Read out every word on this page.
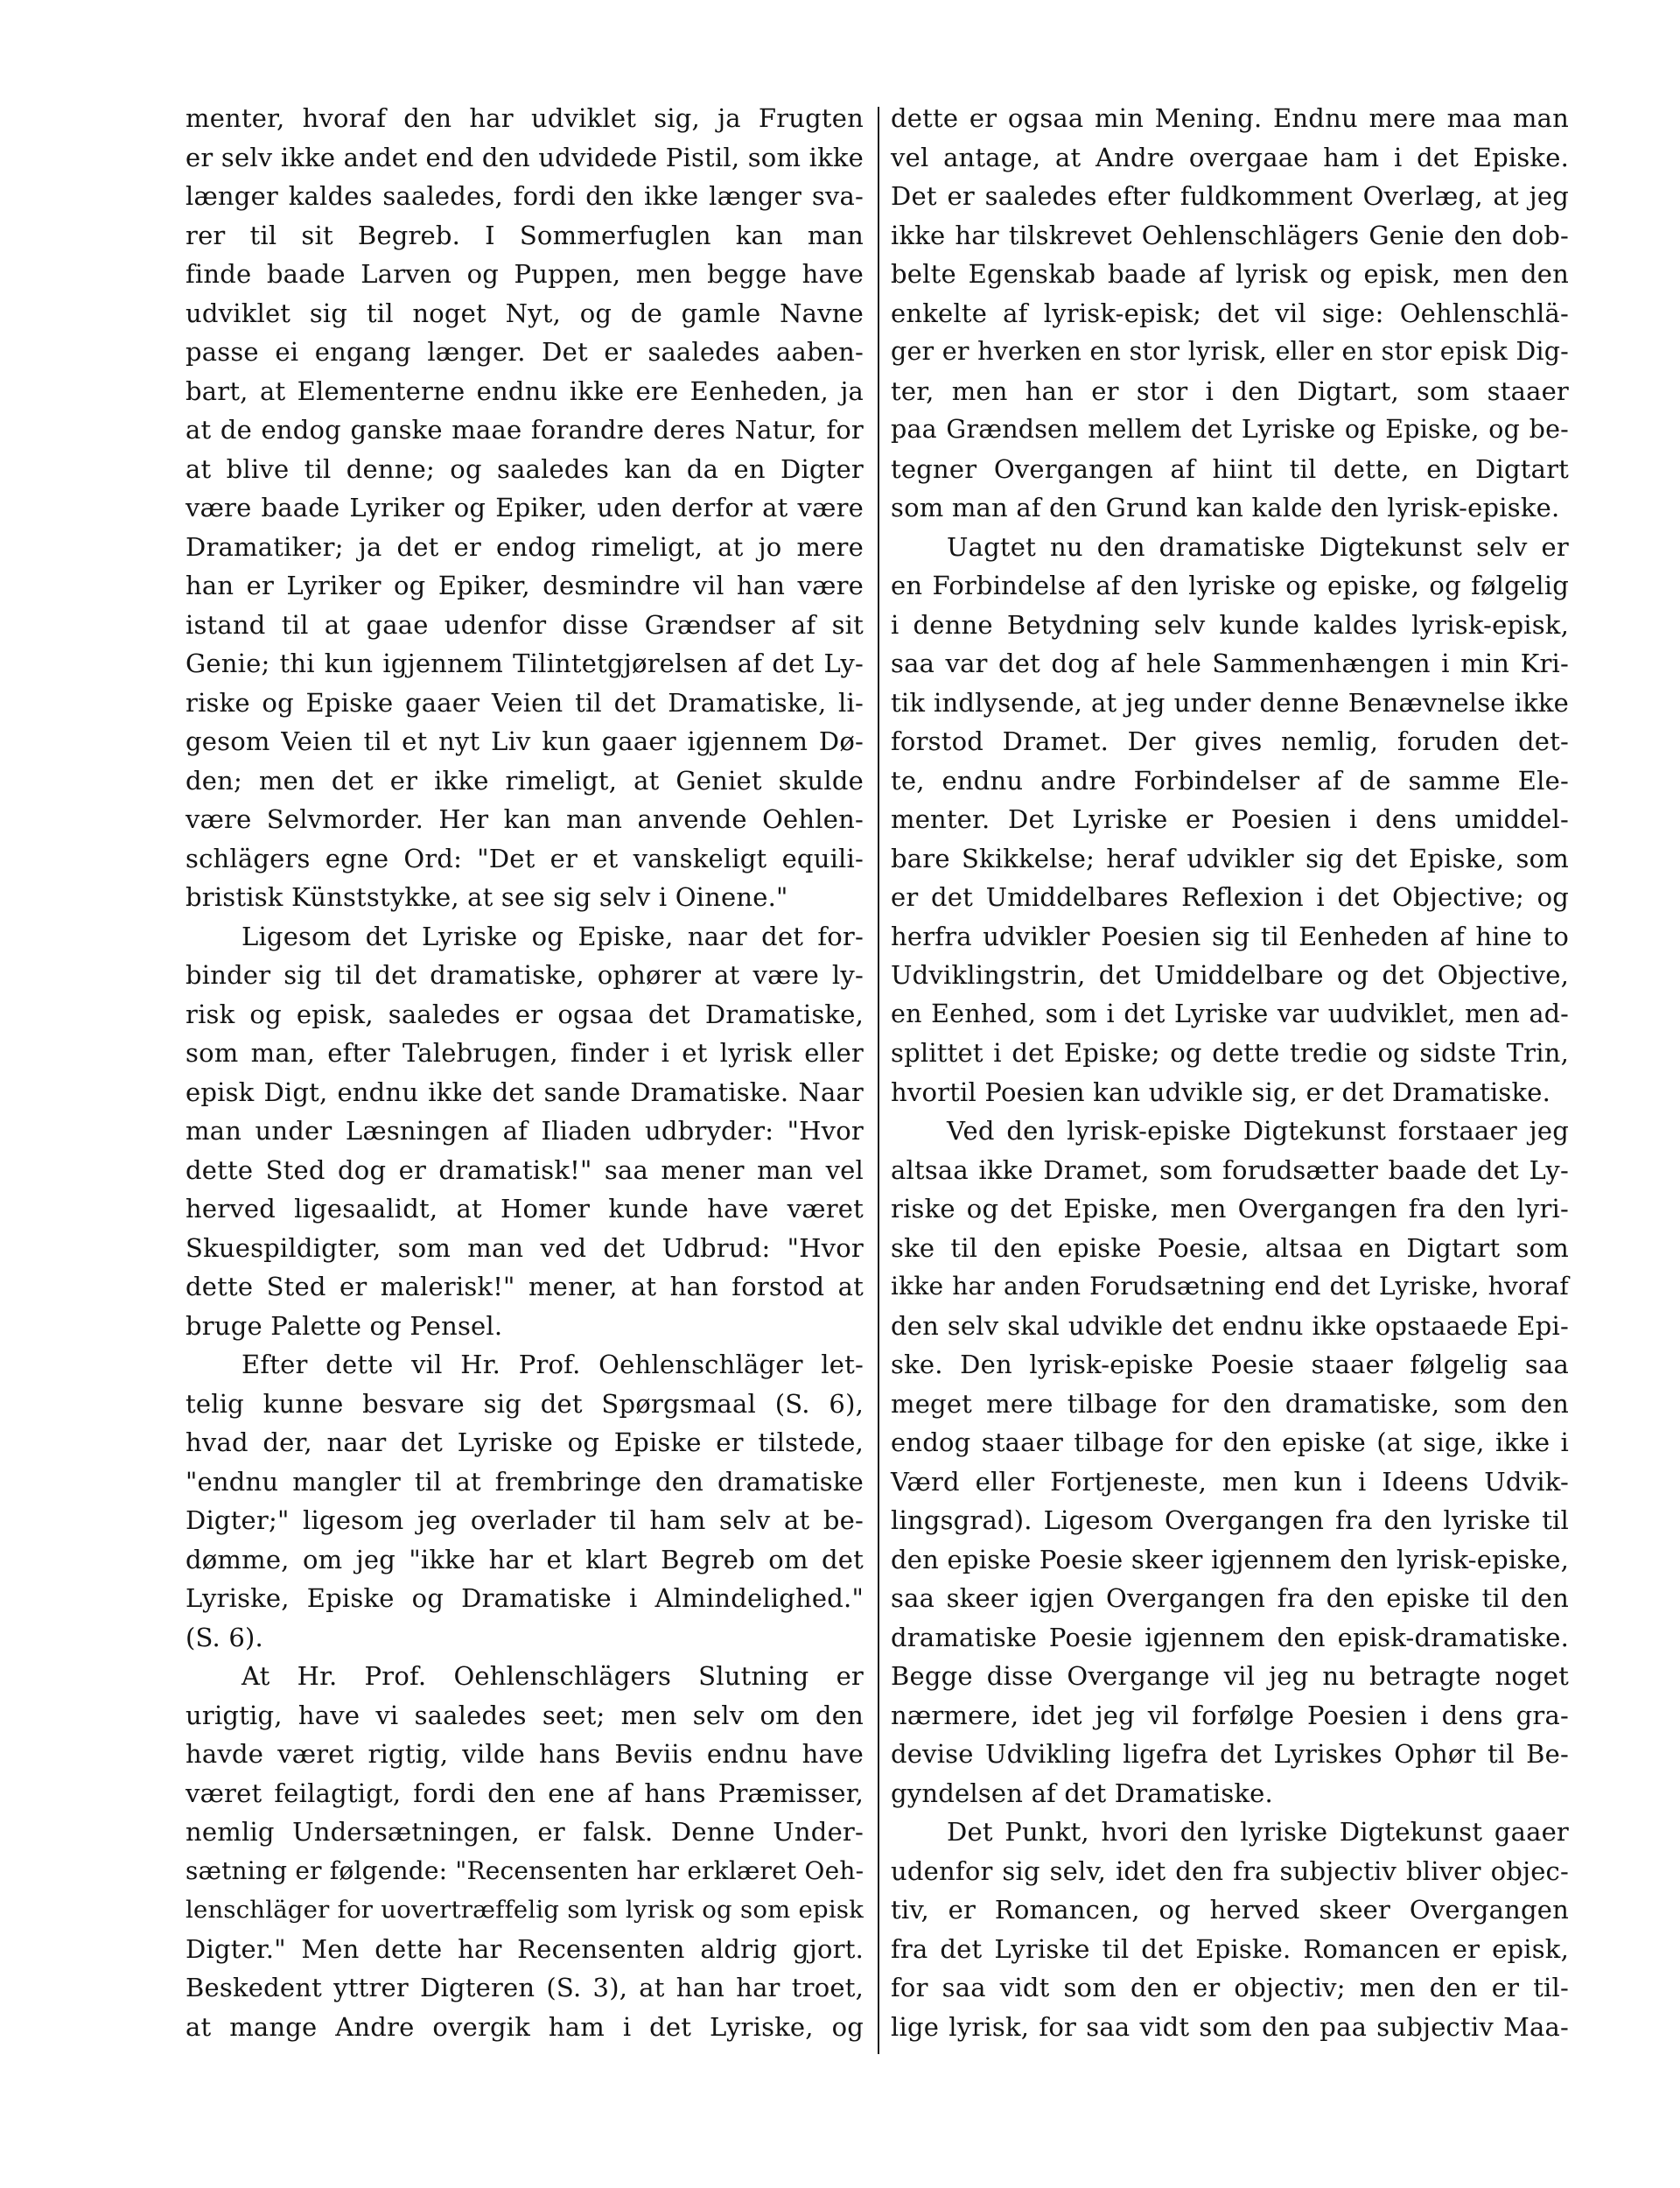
menter, hvoraf den har udviklet sig, ja Frugten
er selv ikke andet end den udvidede Pistil, som ikke
længer kaldes saaledes, fordi den ikke længer sva-
rer til sit Begreb. I Sommerfuglen kan man
finde baade Larven og Puppen, men begge have
udviklet sig til noget Nyt, og de gamle Navne
passe ei engang længer. Det er saaledes aaben-
bart, at Elementerne endnu ikke ere Eenheden, ja
at de endog ganske maae forandre deres Natur, for
at blive til denne; og saaledes kan da en Digter
være baade Lyriker og Epiker, uden derfor at være
Dramatiker; ja det er endog rimeligt, at jo mere
han er Lyriker og Epiker, desmindre vil han være
istand til at gaae udenfor disse Grændser af sit
Genie; thi kun igjennem Tilintetgjørelsen af det Ly-
riske og Episke gaaer Veien til det Dramatiske, li-
gesom Veien til et nyt Liv kun gaaer igjennem Dø-
den; men det er ikke rimeligt, at Geniet skulde
være Selvmorder. Her kan man anvende Oehlen-
schlägers egne Ord: "Det er et vanskeligt equili-
bristisk Künststykke, at see sig selv i Oinene."
Ligesom det Lyriske og Episke, naar det for-
binder sig til det dramatiske, ophører at være ly-
risk og episk, saaledes er ogsaa det Dramatiske,
som man, efter Talebrugen, finder i et lyrisk eller
episk Digt, endnu ikke det sande Dramatiske. Naar
man under Læsningen af Iliaden udbryder: "Hvor
dette Sted dog er dramatisk!" saa mener man vel
herved ligesaalidt, at Homer kunde have været
Skuespildigter, som man ved det Udbrud: "Hvor
dette Sted er malerisk!" mener, at han forstod at
bruge Palette og Pensel.
Efter dette vil Hr. Prof. Oehlenschläger let-
telig kunne besvare sig det Spørgsmaal (S. 6),
hvad der, naar det Lyriske og Episke er tilstede,
"endnu mangler til at frembringe den dramatiske
Digter;" ligesom jeg overlader til ham selv at be-
dømme, om jeg "ikke har et klart Begreb om det
Lyriske, Episke og Dramatiske i Almindelighed."
(S. 6).
At Hr. Prof. Oehlenschlägers Slutning er
urigtig, have vi saaledes seet; men selv om den
havde været rigtig, vilde hans Beviis endnu have
været feilagtigt, fordi den ene af hans Præmisser,
nemlig Undersætningen, er falsk. Denne Under-
sætning er følgende: "Recensenten har erklæret Oeh-
lenschläger for uovertræffelig som lyrisk og som episk
Digter." Men dette har Recensenten aldrig gjort.
Beskedent yttrer Digteren (S. 3), at han har troet,
at mange Andre overgik ham i det Lyriske, og
dette er ogsaa min Mening. Endnu mere maa man
vel antage, at Andre overgaae ham i det Episke.
Det er saaledes efter fuldkomment Overlæg, at jeg
ikke har tilskrevet Oehlenschlägers Genie den dob-
belte Egenskab baade af lyrisk og episk, men den
enkelte af lyrisk-episk; det vil sige: Oehlenschlä-
ger er hverken en stor lyrisk, eller en stor episk Dig-
ter, men han er stor i den Digtart, som staaer
paa Grændsen mellem det Lyriske og Episke, og be-
tegner Overgangen af hiint til dette, en Digtart
som man af den Grund kan kalde den lyrisk-episke.
Uagtet nu den dramatiske Digtekunst selv er
en Forbindelse af den lyriske og episke, og følgelig
i denne Betydning selv kunde kaldes lyrisk-episk,
saa var det dog af hele Sammenhængen i min Kri-
tik indlysende, at jeg under denne Benævnelse ikke
forstod Dramet. Der gives nemlig, foruden det-
te, endnu andre Forbindelser af de samme Ele-
menter. Det Lyriske er Poesien i dens umiddel-
bare Skikkelse; heraf udvikler sig det Episke, som
er det Umiddelbares Reflexion i det Objective; og
herfra udvikler Poesien sig til Eenheden af hine to
Udviklingstrin, det Umiddelbare og det Objective,
en Eenhed, som i det Lyriske var uudviklet, men ad-
splittet i det Episke; og dette tredie og sidste Trin,
hvortil Poesien kan udvikle sig, er det Dramatiske.
Ved den lyrisk-episke Digtekunst forstaaer jeg
altsaa ikke Dramet, som forudsætter baade det Ly-
riske og det Episke, men Overgangen fra den lyri-
ske til den episke Poesie, altsaa en Digtart som
ikke har anden Forudsætning end det Lyriske, hvoraf
den selv skal udvikle det endnu ikke opstaaede Epi-
ske. Den lyrisk-episke Poesie staaer følgelig saa
meget mere tilbage for den dramatiske, som den
endog staaer tilbage for den episke (at sige, ikke i
Værd eller Fortjeneste, men kun i Ideens Udvik-
lingsgrad). Ligesom Overgangen fra den lyriske til
den episke Poesie skeer igjennem den lyrisk-episke,
saa skeer igjen Overgangen fra den episke til den
dramatiske Poesie igjennem den episk-dramatiske.
Begge disse Overgange vil jeg nu betragte noget
nærmere, idet jeg vil forfølge Poesien i dens gra-
devise Udvikling ligefra det Lyriskes Ophør til Be-
gyndelsen af det Dramatiske.
Det Punkt, hvori den lyriske Digtekunst gaaer
udenfor sig selv, idet den fra subjectiv bliver objec-
tiv, er Romancen, og herved skeer Overgangen
fra det Lyriske til det Episke. Romancen er episk,
for saa vidt som den er objectiv; men den er til-
lige lyrisk, for saa vidt som den paa subjectiv Maa-
